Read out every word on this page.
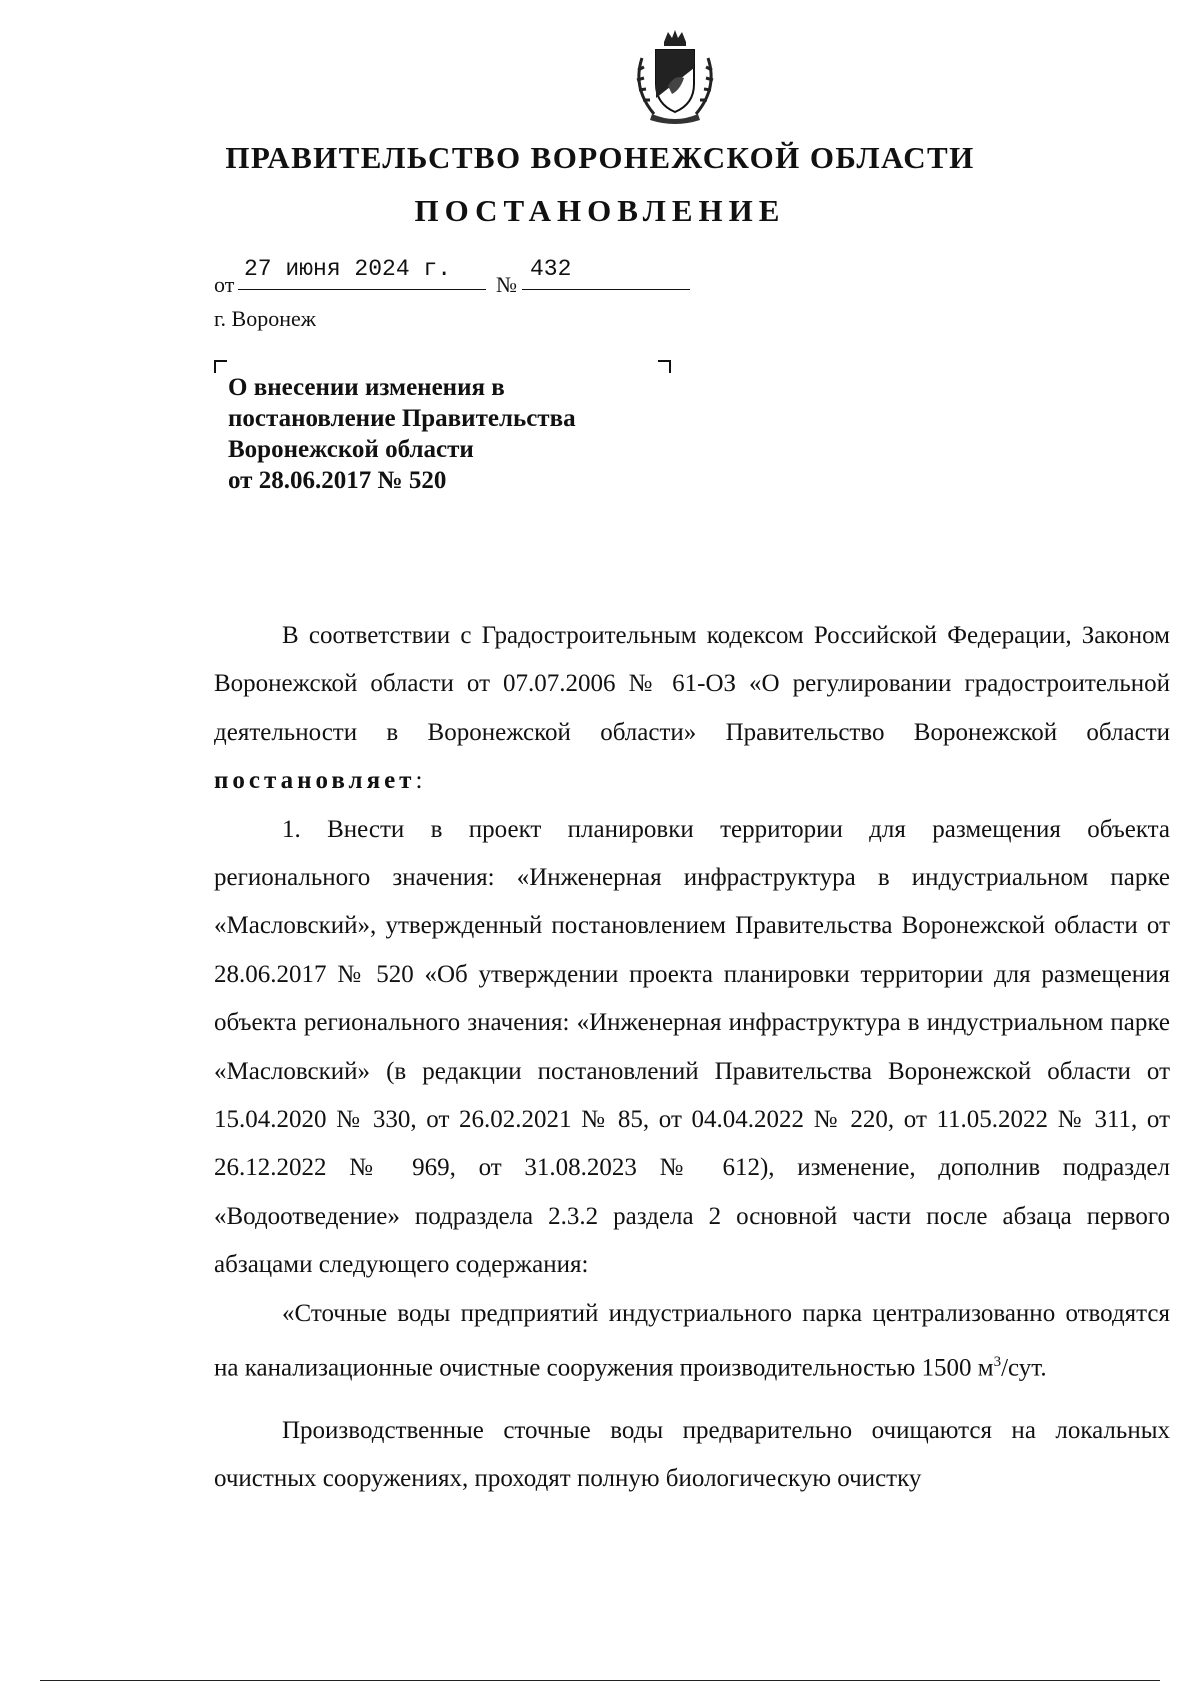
ПРАВИТЕЛЬСТВО ВОРОНЕЖСКОЙ ОБЛАСТИ
ПОСТАНОВЛЕНИЕ
от
27 июня 2024 г.
№
432
г. Воронеж
О внесении изменения в
постановление Правительства
Воронежской области
от 28.06.2017 № 520

В соответствии с Градостроительным кодексом Российской Федерации, Законом Воронежской области от 07.07.2006 № 61-ОЗ «О регулировании градостроительной деятельности в Воронежской области» Правительство Воронежской области постановляет:

1. Внести в проект планировки территории для размещения объекта регионального значения: «Инженерная инфраструктура в индустриальном парке «Масловский», утвержденный постановлением Правительства Воронежской области от 28.06.2017 № 520 «Об утверждении проекта планировки территории для размещения объекта регионального значения: «Инженерная инфраструктура в индустриальном парке «Масловский» (в редакции постановлений Правительства Воронежской области от 15.04.2020 № 330, от 26.02.2021 № 85, от 04.04.2022 № 220, от 11.05.2022 № 311, от 26.12.2022 № 969, от 31.08.2023 № 612), изменение, дополнив подраздел «Водоотведение» подраздела 2.3.2 раздела 2 основной части после абзаца первого абзацами следующего содержания:

«Сточные воды предприятий индустриального парка централизованно отводятся на канализационные очистные сооружения производительностью 1500 $м^3$/сут.

Производственные сточные воды предварительно очищаются на локальных очистных сооружениях, проходят полную биологическую очистку
